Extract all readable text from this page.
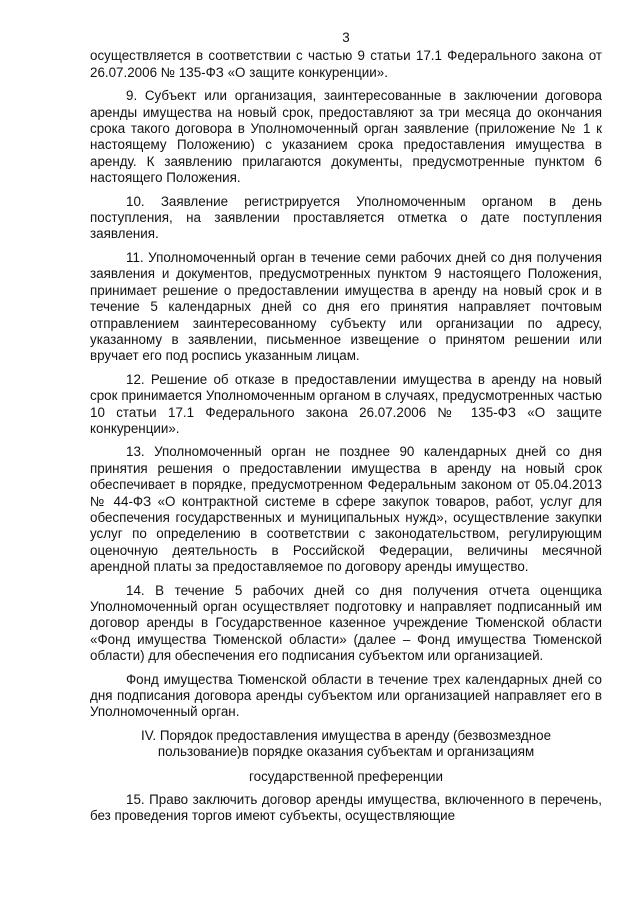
3

осуществляется в соответствии с частью 9 статьи 17.1 Федерального закона от 26.07.2006 № 135-ФЗ «О защите конкуренции».

9. Субъект или организация, заинтересованные в заключении договора аренды имущества на новый срок, предоставляют за три месяца до окончания срока такого договора в Уполномоченный орган заявление (приложение № 1 к настоящему Положению) с указанием срока предоставления имущества в аренду. К заявлению прилагаются документы, предусмотренные пунктом 6 настоящего Положения.

10. Заявление регистрируется Уполномоченным органом в день поступления, на заявлении проставляется отметка о дате поступления заявления.

11. Уполномоченный орган в течение семи рабочих дней со дня получения заявления и документов, предусмотренных пунктом 9 настоящего Положения, принимает решение о предоставлении имущества в аренду на новый срок и в течение 5 календарных дней со дня его принятия направляет почтовым отправлением заинтересованному субъекту или организации по адресу, указанному в заявлении, письменное извещение о принятом решении или вручает его под роспись указанным лицам.

12. Решение об отказе в предоставлении имущества в аренду на новый срок принимается Уполномоченным органом в случаях, предусмотренных частью 10 статьи 17.1 Федерального закона 26.07.2006 № 135-ФЗ «О защите конкуренции».

13. Уполномоченный орган не позднее 90 календарных дней со дня принятия решения о предоставлении имущества в аренду на новый срок обеспечивает в порядке, предусмотренном Федеральным законом от 05.04.2013 № 44-ФЗ «О контрактной системе в сфере закупок товаров, работ, услуг для обеспечения государственных и муниципальных нужд», осуществление закупки услуг по определению в соответствии с законодательством, регулирующим оценочную деятельность в Российской Федерации, величины месячной арендной платы за предоставляемое по договору аренды имущество.

14. В течение 5 рабочих дней со дня получения отчета оценщика Уполномоченный орган осуществляет подготовку и направляет подписанный им договор аренды в Государственное казенное учреждение Тюменской области «Фонд имущества Тюменской области» (далее – Фонд имущества Тюменской области) для обеспечения его подписания субъектом или организацией.

Фонд имущества Тюменской области в течение трех календарных дней со дня подписания договора аренды субъектом или организацией направляет его в Уполномоченный орган.

IV. Порядок предоставления имущества в аренду (безвозмездное
пользование)в порядке оказания субъектам и организациям
государственной преференции

15. Право заключить договор аренды имущества, включенного в перечень, без проведения торгов имеют субъекты, осуществляющие
